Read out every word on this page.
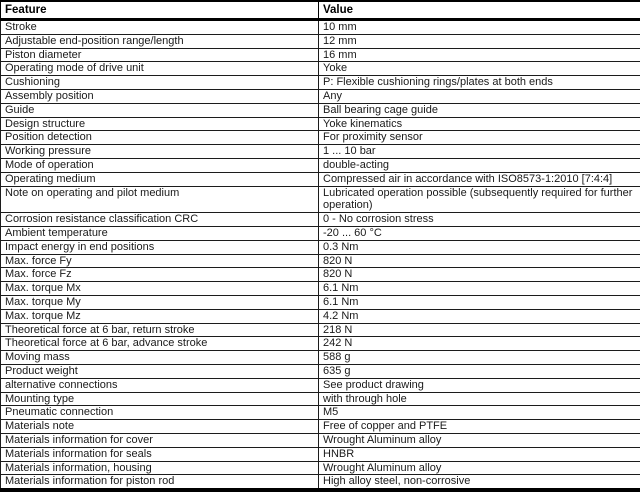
Feature	Value
Stroke	10 mm
Adjustable end-position range/length	12 mm
Piston diameter	16 mm
Operating mode of drive unit	Yoke
Cushioning	P: Flexible cushioning rings/plates at both ends
Assembly position	Any
Guide	Ball bearing cage guide
Design structure	Yoke kinematics
Position detection	For proximity sensor
Working pressure	1 ... 10 bar
Mode of operation	double-acting
Operating medium	Compressed air in accordance with ISO8573-1:2010 [7:4:4]
Note on operating and pilot medium	Lubricated operation possible (subsequently required for further operation)
Corrosion resistance classification CRC	0 - No corrosion stress
Ambient temperature	-20 ... 60 °C
Impact energy in end positions	0.3 Nm
Max. force Fy	820 N
Max. force Fz	820 N
Max. torque Mx	6.1 Nm
Max. torque My	6.1 Nm
Max. torque Mz	4.2 Nm
Theoretical force at 6 bar, return stroke	218 N
Theoretical force at 6 bar, advance stroke	242 N
Moving mass	588 g
Product weight	635 g
alternative connections	See product drawing
Mounting type	with through hole
Pneumatic connection	M5
Materials note	Free of copper and PTFE
Materials information for cover	Wrought Aluminum alloy
Materials information for seals	HNBR
Materials information, housing	Wrought Aluminum alloy
Materials information for piston rod	High alloy steel, non-corrosive
